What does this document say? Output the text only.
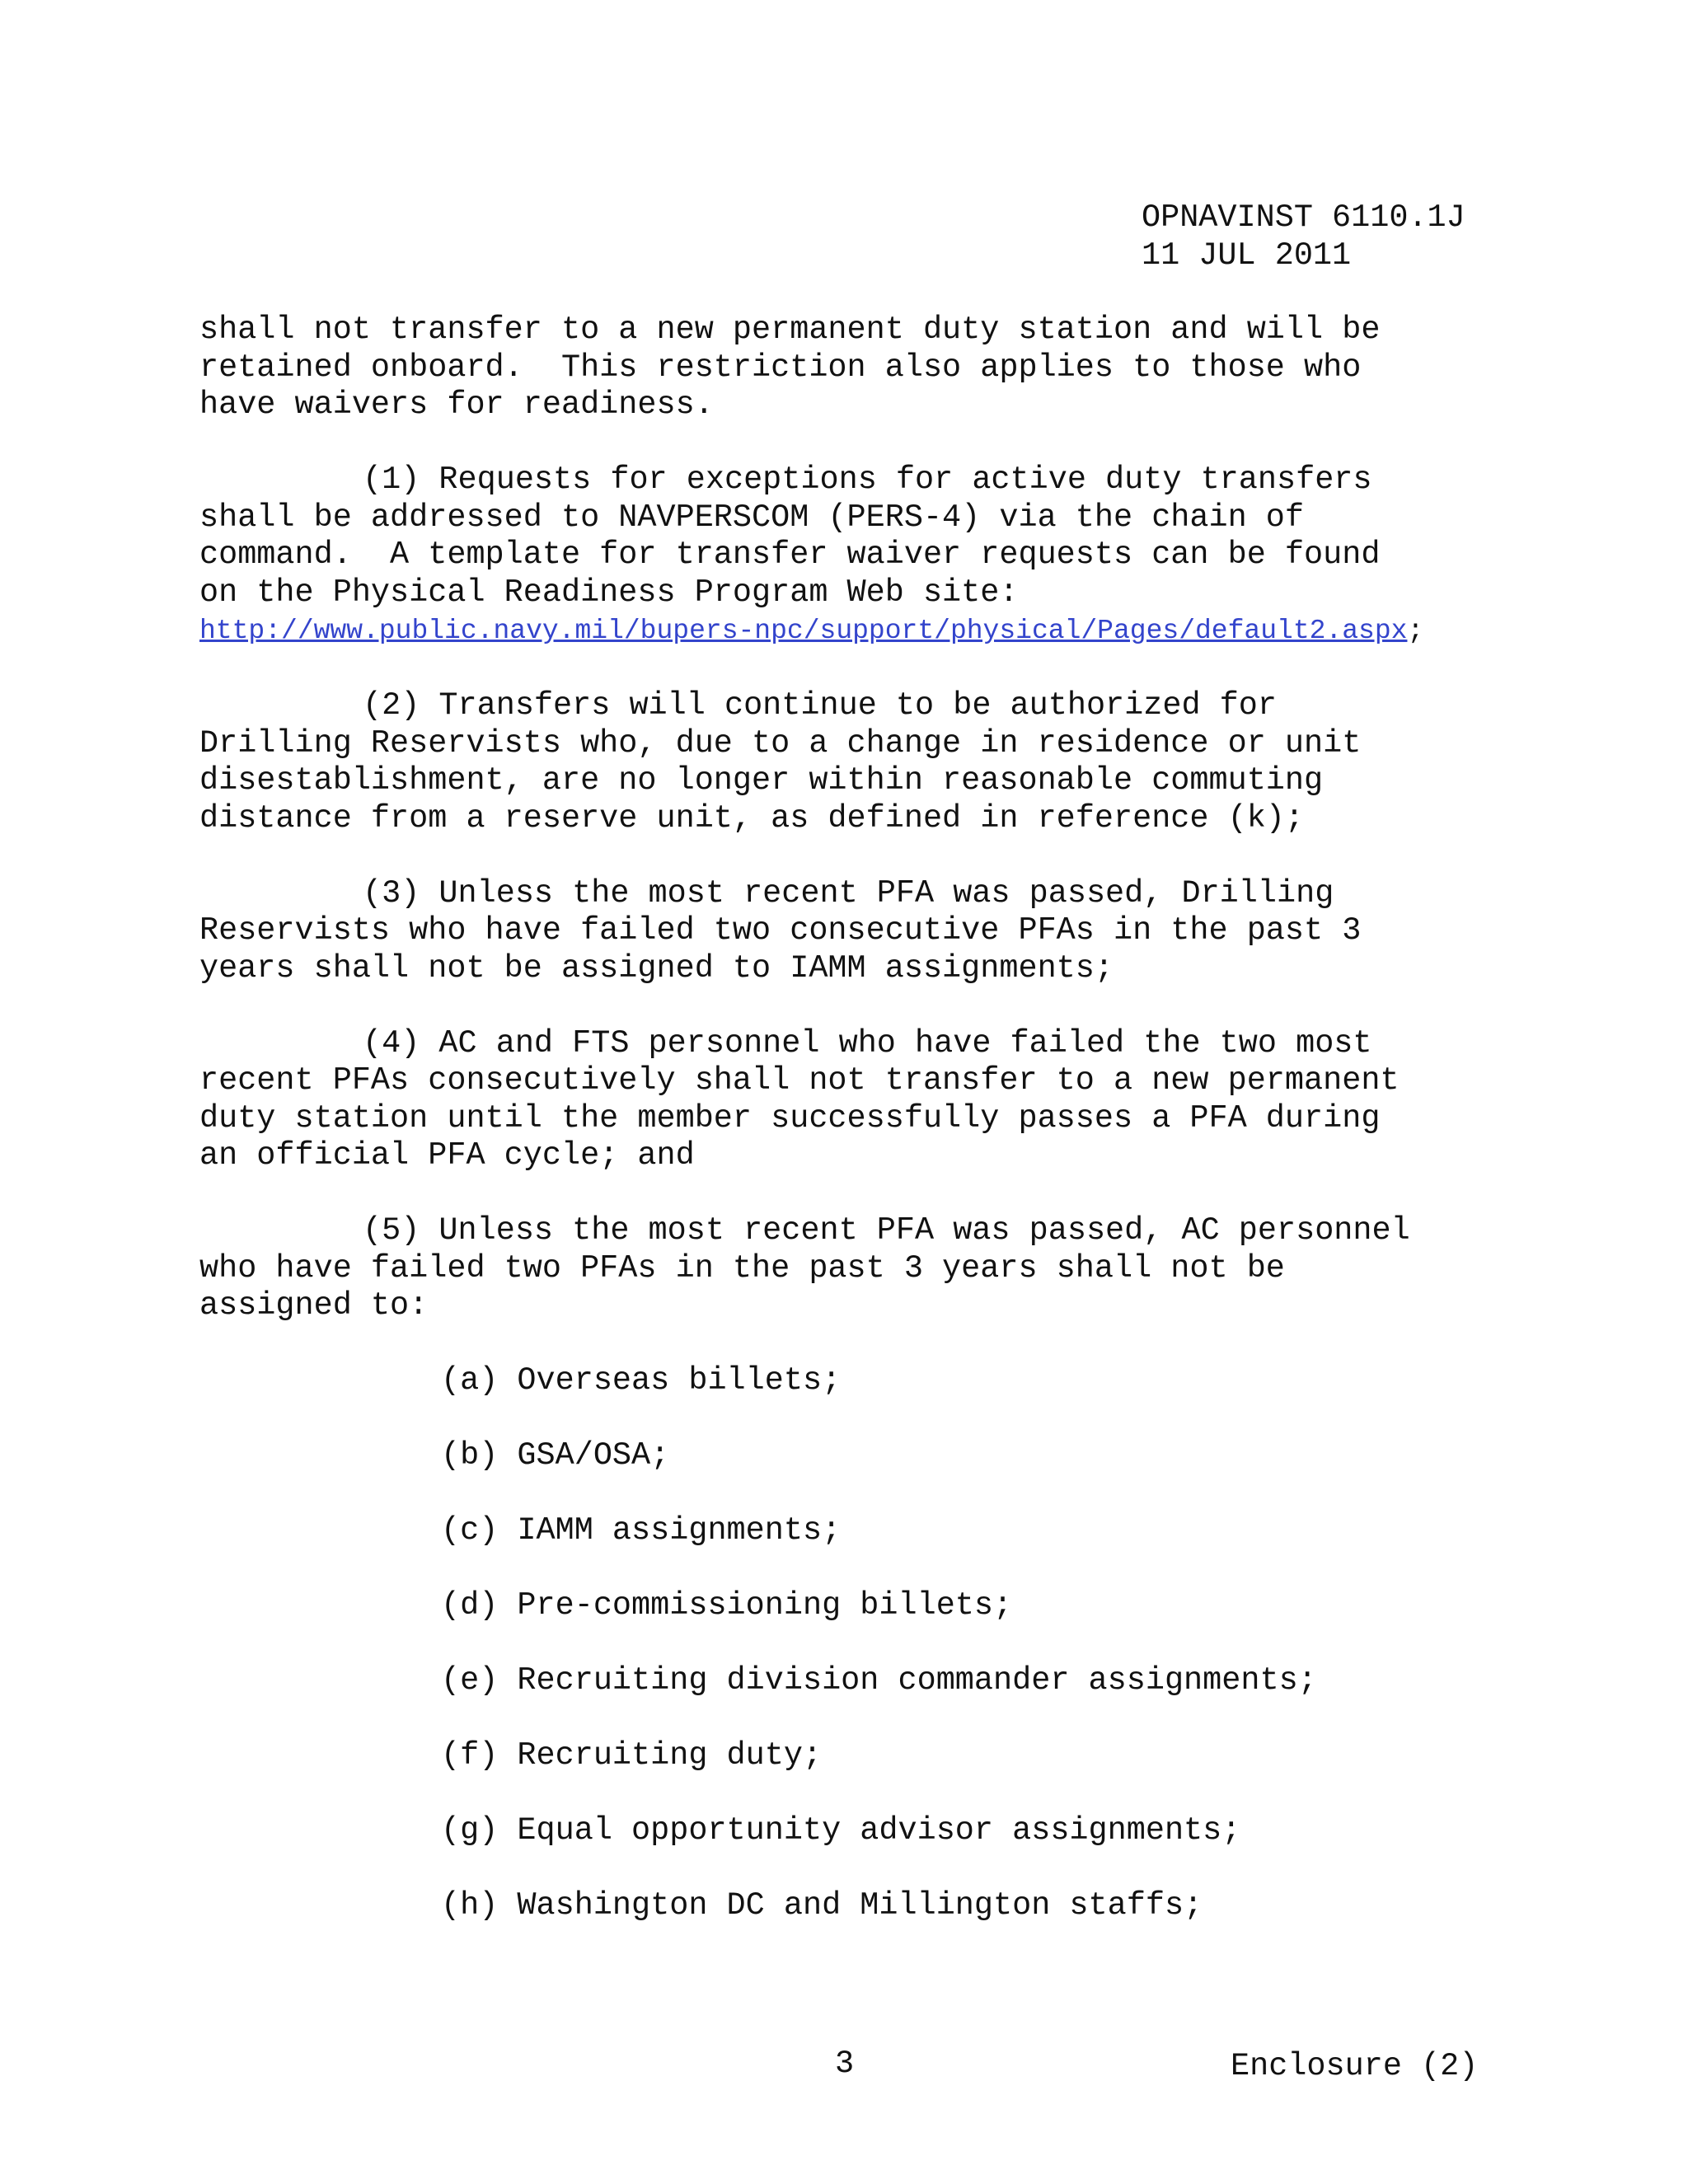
OPNAVINST 6110.1J
11 JUL 2011
shall not transfer to a new permanent duty station and will be
retained onboard.  This restriction also applies to those who
have waivers for readiness.
(1) Requests for exceptions for active duty transfers
shall be addressed to NAVPERSCOM (PERS-4) via the chain of
command.  A template for transfer waiver requests can be found
on the Physical Readiness Program Web site:
http://www.public.navy.mil/bupers-npc/support/physical/Pages/default2.aspx;
(2) Transfers will continue to be authorized for
Drilling Reservists who, due to a change in residence or unit
disestablishment, are no longer within reasonable commuting
distance from a reserve unit, as defined in reference (k);
(3) Unless the most recent PFA was passed, Drilling
Reservists who have failed two consecutive PFAs in the past 3
years shall not be assigned to IAMM assignments;
(4) AC and FTS personnel who have failed the two most
recent PFAs consecutively shall not transfer to a new permanent
duty station until the member successfully passes a PFA during
an official PFA cycle; and
(5) Unless the most recent PFA was passed, AC personnel
who have failed two PFAs in the past 3 years shall not be
assigned to:
(a) Overseas billets;
(b) GSA/OSA;
(c) IAMM assignments;
(d) Pre-commissioning billets;
(e) Recruiting division commander assignments;
(f) Recruiting duty;
(g) Equal opportunity advisor assignments;
(h) Washington DC and Millington staffs;
3	Enclosure (2)
